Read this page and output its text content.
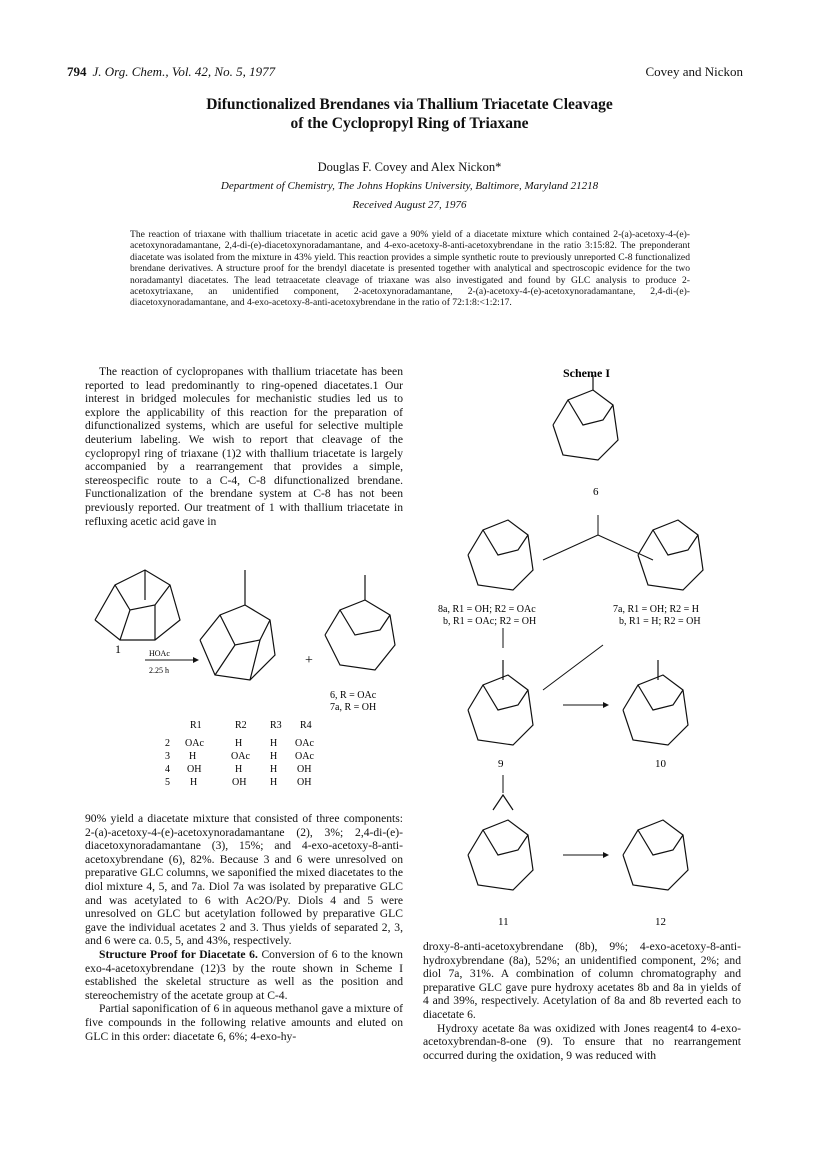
794 J. Org. Chem., Vol. 42, No. 5, 1977	Covey and Nickon
Difunctionalized Brendanes via Thallium Triacetate Cleavage
of the Cyclopropyl Ring of Triaxane
Douglas F. Covey and Alex Nickon*
Department of Chemistry, The Johns Hopkins University, Baltimore, Maryland 21218
Received August 27, 1976
The reaction of triaxane with thallium triacetate in acetic acid gave a 90% yield of a diacetate mixture which contained 2-(a)-acetoxy-4-(e)-acetoxynoradamantane, 2,4-di-(e)-diacetoxynoradamantane, and 4-exo-acetoxy-8-anti-acetoxybrendane in the ratio 3:15:82. The preponderant diacetate was isolated from the mixture in 43% yield. This reaction provides a simple synthetic route to previously unreported C-8 functionalized brendane derivatives. A structure proof for the brendyl diacetate is presented together with analytical and spectroscopic evidence for the two noradamantyl diacetates. The lead tetraacetate cleavage of triaxane was also investigated and found by GLC analysis to produce 2-acetoxytriaxane, an unidentified component, 2-acetoxynoradamantane, 2-(a)-acetoxy-4-(e)-acetoxynoradamantane, 2,4-di-(e)-diacetoxynoradamantane, and 4-exo-acetoxy-8-anti-acetoxybrendane in the ratio of 72:1:8:<1:2:17.

The reaction of cyclopropanes with thallium triacetate has been reported to lead predominantly to ring-opened diacetates.1 Our interest in bridged molecules for mechanistic studies led us to explore the applicability of this reaction for the preparation of difunctionalized systems, which are useful for selective multiple deuterium labeling. We wish to report that cleavage of the cyclopropyl ring of triaxane (1)2 with thallium triacetate is largely accompanied by a rearrangement that provides a simple, stereospecific route to a C-4, C-8 difunctionalized brendane. Functionalization of the brendane system at C-8 has not been previously reported. Our treatment of 1 with thallium triacetate in refluxing acetic acid gave in

1	HOAc
2.25 h
+
6, R = OAc
7a, R = OH
R1	R2 R3 R4
2 OAc	H	H OAc
3 H	OAc H OAc
4 OH	H	H OH
5 H	OH H OH

90% yield a diacetate mixture that consisted of three components: 2-(a)-acetoxy-4-(e)-acetoxynoradamantane (2), 3%; 2,4-di-(e)-diacetoxynoradamantane (3), 15%; and 4-exo-acetoxy-8-anti-acetoxybrendane (6), 82%. Because 3 and 6 were unresolved on preparative GLC columns, we saponified the mixed diacetates to the diol mixture 4, 5, and 7a. Diol 7a was isolated by preparative GLC and was acetylated to 6 with Ac2O/Py. Diols 4 and 5 were unresolved on GLC but acetylation followed by preparative GLC gave the individual acetates 2 and 3. Thus yields of separated 2, 3, and 6 were ca. 0.5, 5, and 43%, respectively.

Structure Proof for Diacetate 6. Conversion of 6 to the known exo-4-acetoxybrendane (12)3 by the route shown in Scheme I established the skeletal structure as well as the position and stereochemistry of the acetate group at C-4.

Partial saponification of 6 in aqueous methanol gave a mixture of five compounds in the following relative amounts and eluted on GLC in this order: diacetate 6, 6%; 4-exo-hy-

Scheme I
6
8a, R1 = OH; R2 = OAc
b, R1 = OAc; R2 = OH
7a, R1 = OH; R2 = H
b, R1 = H; R2 = OH
9	10
11	12

droxy-8-anti-acetoxybrendane (8b), 9%; 4-exo-acetoxy-8-anti-hydroxybrendane (8a), 52%; an unidentified component, 2%; and diol 7a, 31%. A combination of column chromatography and preparative GLC gave pure hydroxy acetates 8b and 8a in yields of 4 and 39%, respectively. Acetylation of 8a and 8b reverted each to diacetate 6.

Hydroxy acetate 8a was oxidized with Jones reagent4 to 4-exo-acetoxybrendan-8-one (9). To ensure that no rearrangement occurred during the oxidation, 9 was reduced with
